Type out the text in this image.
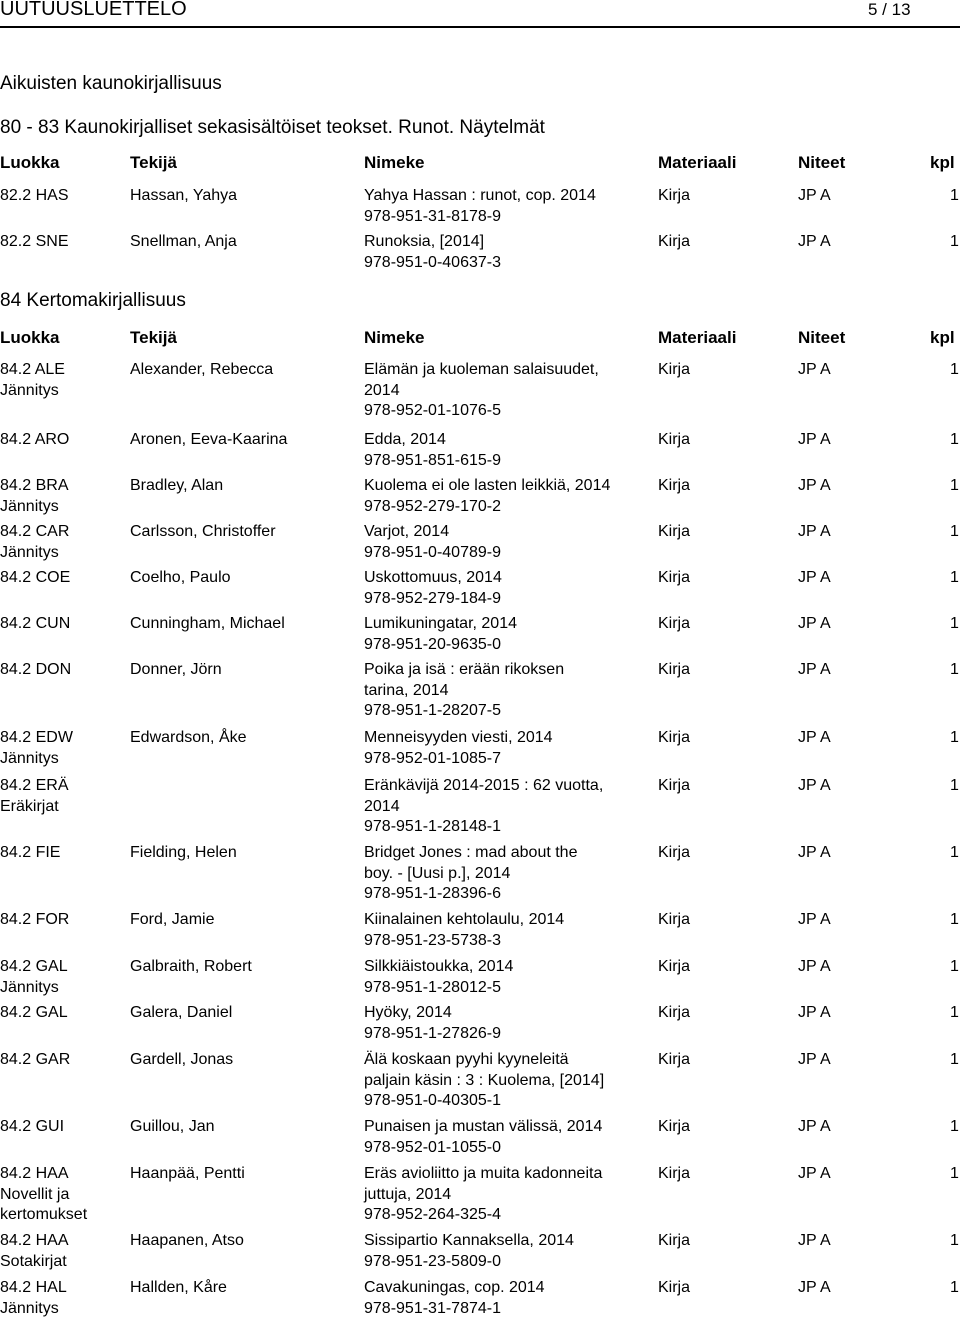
UUTUUSLUETTELO	5 / 13
Aikuisten kaunokirjallisuus
80 - 83 Kaunokirjalliset sekasisältöiset teokset. Runot. Näytelmät
Luokka	Tekijä	Nimeke	Materiaali	Niteet	kpl
82.2 HAS	Hassan, Yahya	Yahya Hassan : runot, cop. 2014
978-951-31-8178-9
Kirja	JP A	1
82.2 SNE	Snellman, Anja	Runoksia, [2014]
978-951-0-40637-3
Kirja	JP A	1
84 Kertomakirjallisuus
Luokka	Tekijä	Nimeke	Materiaali	Niteet	kpl
84.2 ALE
Jännitys
Alexander, Rebecca	Elämän ja kuoleman salaisuudet,
2014
978-952-01-1076-5
Kirja	JP A	1
84.2 ARO	Aronen, Eeva-Kaarina	Edda, 2014
978-951-851-615-9
Kirja	JP A	1
84.2 BRA
Jännitys
Bradley, Alan	Kuolema ei ole lasten leikkiä, 2014
978-952-279-170-2
Kirja	JP A	1
84.2 CAR
Jännitys
Carlsson, Christoffer	Varjot, 2014
978-951-0-40789-9
Kirja	JP A	1
84.2 COE	Coelho, Paulo	Uskottomuus, 2014
978-952-279-184-9
Kirja	JP A	1
84.2 CUN	Cunningham, Michael	Lumikuningatar, 2014
978-951-20-9635-0
Kirja	JP A	1
84.2 DON	Donner, Jörn	Poika ja isä : erään rikoksen
tarina, 2014
978-951-1-28207-5
Kirja	JP A	1
84.2 EDW
Jännitys
Edwardson, Åke	Menneisyyden viesti, 2014
978-952-01-1085-7
Kirja	JP A	1
84.2 ERÄ
Eräkirjat
Eränkävijä 2014-2015 : 62 vuotta,
2014
978-951-1-28148-1
Kirja	JP A	1
84.2 FIE	Fielding, Helen	Bridget Jones : mad about the
boy. - [Uusi p.], 2014
978-951-1-28396-6
Kirja	JP A	1
84.2 FOR	Ford, Jamie	Kiinalainen kehtolaulu, 2014
978-951-23-5738-3
Kirja	JP A	1
84.2 GAL
Jännitys
Galbraith, Robert	Silkkiäistoukka, 2014
978-951-1-28012-5
Kirja	JP A	1
84.2 GAL	Galera, Daniel	Hyöky, 2014
978-951-1-27826-9
Kirja	JP A	1
84.2 GAR	Gardell, Jonas	Älä koskaan pyyhi kyyneleitä
paljain käsin : 3 : Kuolema, [2014]
978-951-0-40305-1
Kirja	JP A	1
84.2 GUI	Guillou, Jan	Punaisen ja mustan välissä, 2014
978-952-01-1055-0
Kirja	JP A	1
84.2 HAA
Novellit ja
kertomukset
Haanpää, Pentti	Eräs avioliitto ja muita kadonneita
juttuja, 2014
978-952-264-325-4
Kirja	JP A	1
84.2 HAA
Sotakirjat
Haapanen, Atso	Sissipartio Kannaksella, 2014
978-951-23-5809-0
Kirja	JP A	1
84.2 HAL
Jännitys
Hallden, Kåre	Cavakuningas, cop. 2014
978-951-31-7874-1
Kirja	JP A	1
